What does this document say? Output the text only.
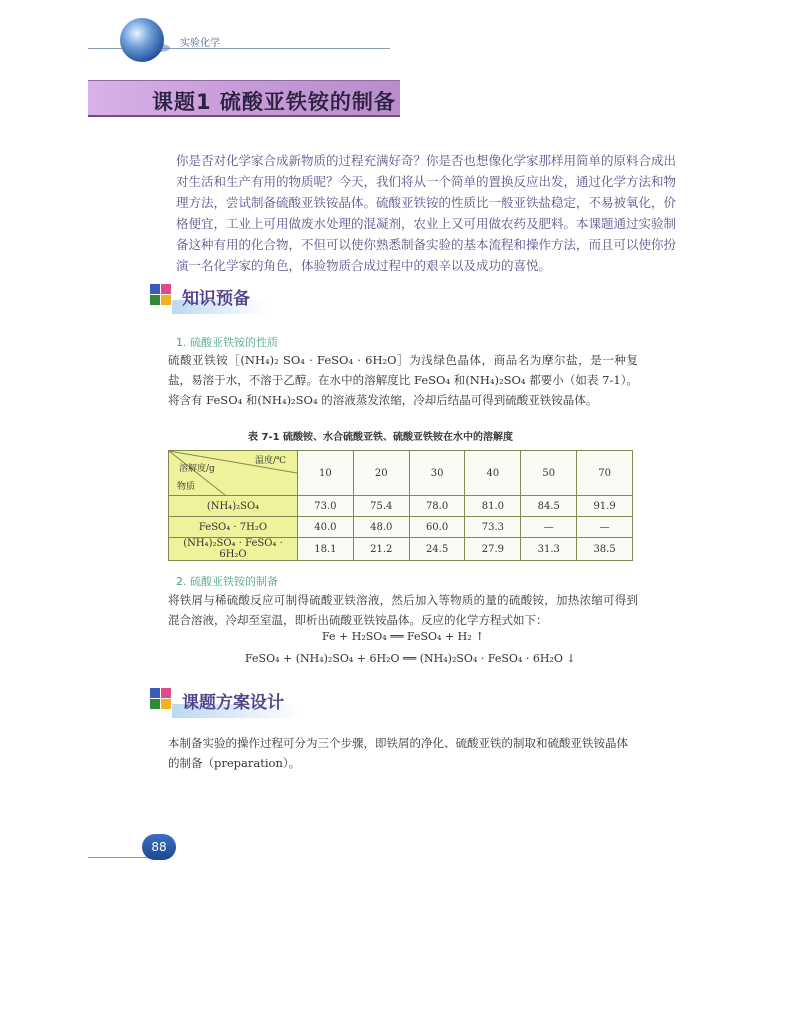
实验化学
课题1 硫酸亚铁铵的制备
你是否对化学家合成新物质的过程充满好奇？你是否也想像化学家那样用简单的原料合成出对生活和生产有用的物质呢？今天，我们将从一个简单的置换反应出发，通过化学方法和物理方法，尝试制备硫酸亚铁铵晶体。硫酸亚铁铵的性质比一般亚铁盐稳定，不易被氧化，价格便宜，工业上可用做废水处理的混凝剂，农业上又可用做农药及肥料。本课题通过实验制备这种有用的化合物，不但可以使你熟悉制备实验的基本流程和操作方法，而且可以使你扮演一名化学家的角色，体验物质合成过程中的艰辛以及成功的喜悦。
知识预备
1. 硫酸亚铁铵的性质
硫酸亚铁铵［(NH₄)₂ SO₄ · FeSO₄ · 6H₂O］为浅绿色晶体，商品名为摩尔盐，是一种复盐，易溶于水，不溶于乙醇。在水中的溶解度比 FeSO₄ 和(NH₄)₂SO₄ 都要小（如表 7-1）。将含有 FeSO₄ 和(NH₄)₂SO₄ 的溶液蒸发浓缩，冷却后结晶可得到硫酸亚铁铵晶体。
表 7-1 硫酸铵、水合硫酸亚铁、硫酸亚铁铵在水中的溶解度
温度/℃
溶解度/g
物质	10	20	30	40	50	70
(NH₄)₂SO₄	73.0	75.4	78.0	81.0	84.5	91.9
FeSO₄ · 7H₂O	40.0	48.0	60.0	73.3	—	—
(NH₄)₂SO₄ · FeSO₄ · 6H₂O	18.1	21.2	24.5	27.9	31.3	38.5
2. 硫酸亚铁铵的制备
将铁屑与稀硫酸反应可制得硫酸亚铁溶液，然后加入等物质的量的硫酸铵，加热浓缩可得到混合溶液，冷却至室温，即析出硫酸亚铁铵晶体。反应的化学方程式如下：
Fe + H₂SO₄ ══ FeSO₄ + H₂ ↑
FeSO₄ + (NH₄)₂SO₄ + 6H₂O ══ (NH₄)₂SO₄ · FeSO₄ · 6H₂O ↓
课题方案设计
本制备实验的操作过程可分为三个步骤，即铁屑的净化、硫酸亚铁的制取和硫酸亚铁铵晶体的制备（preparation）。
88
